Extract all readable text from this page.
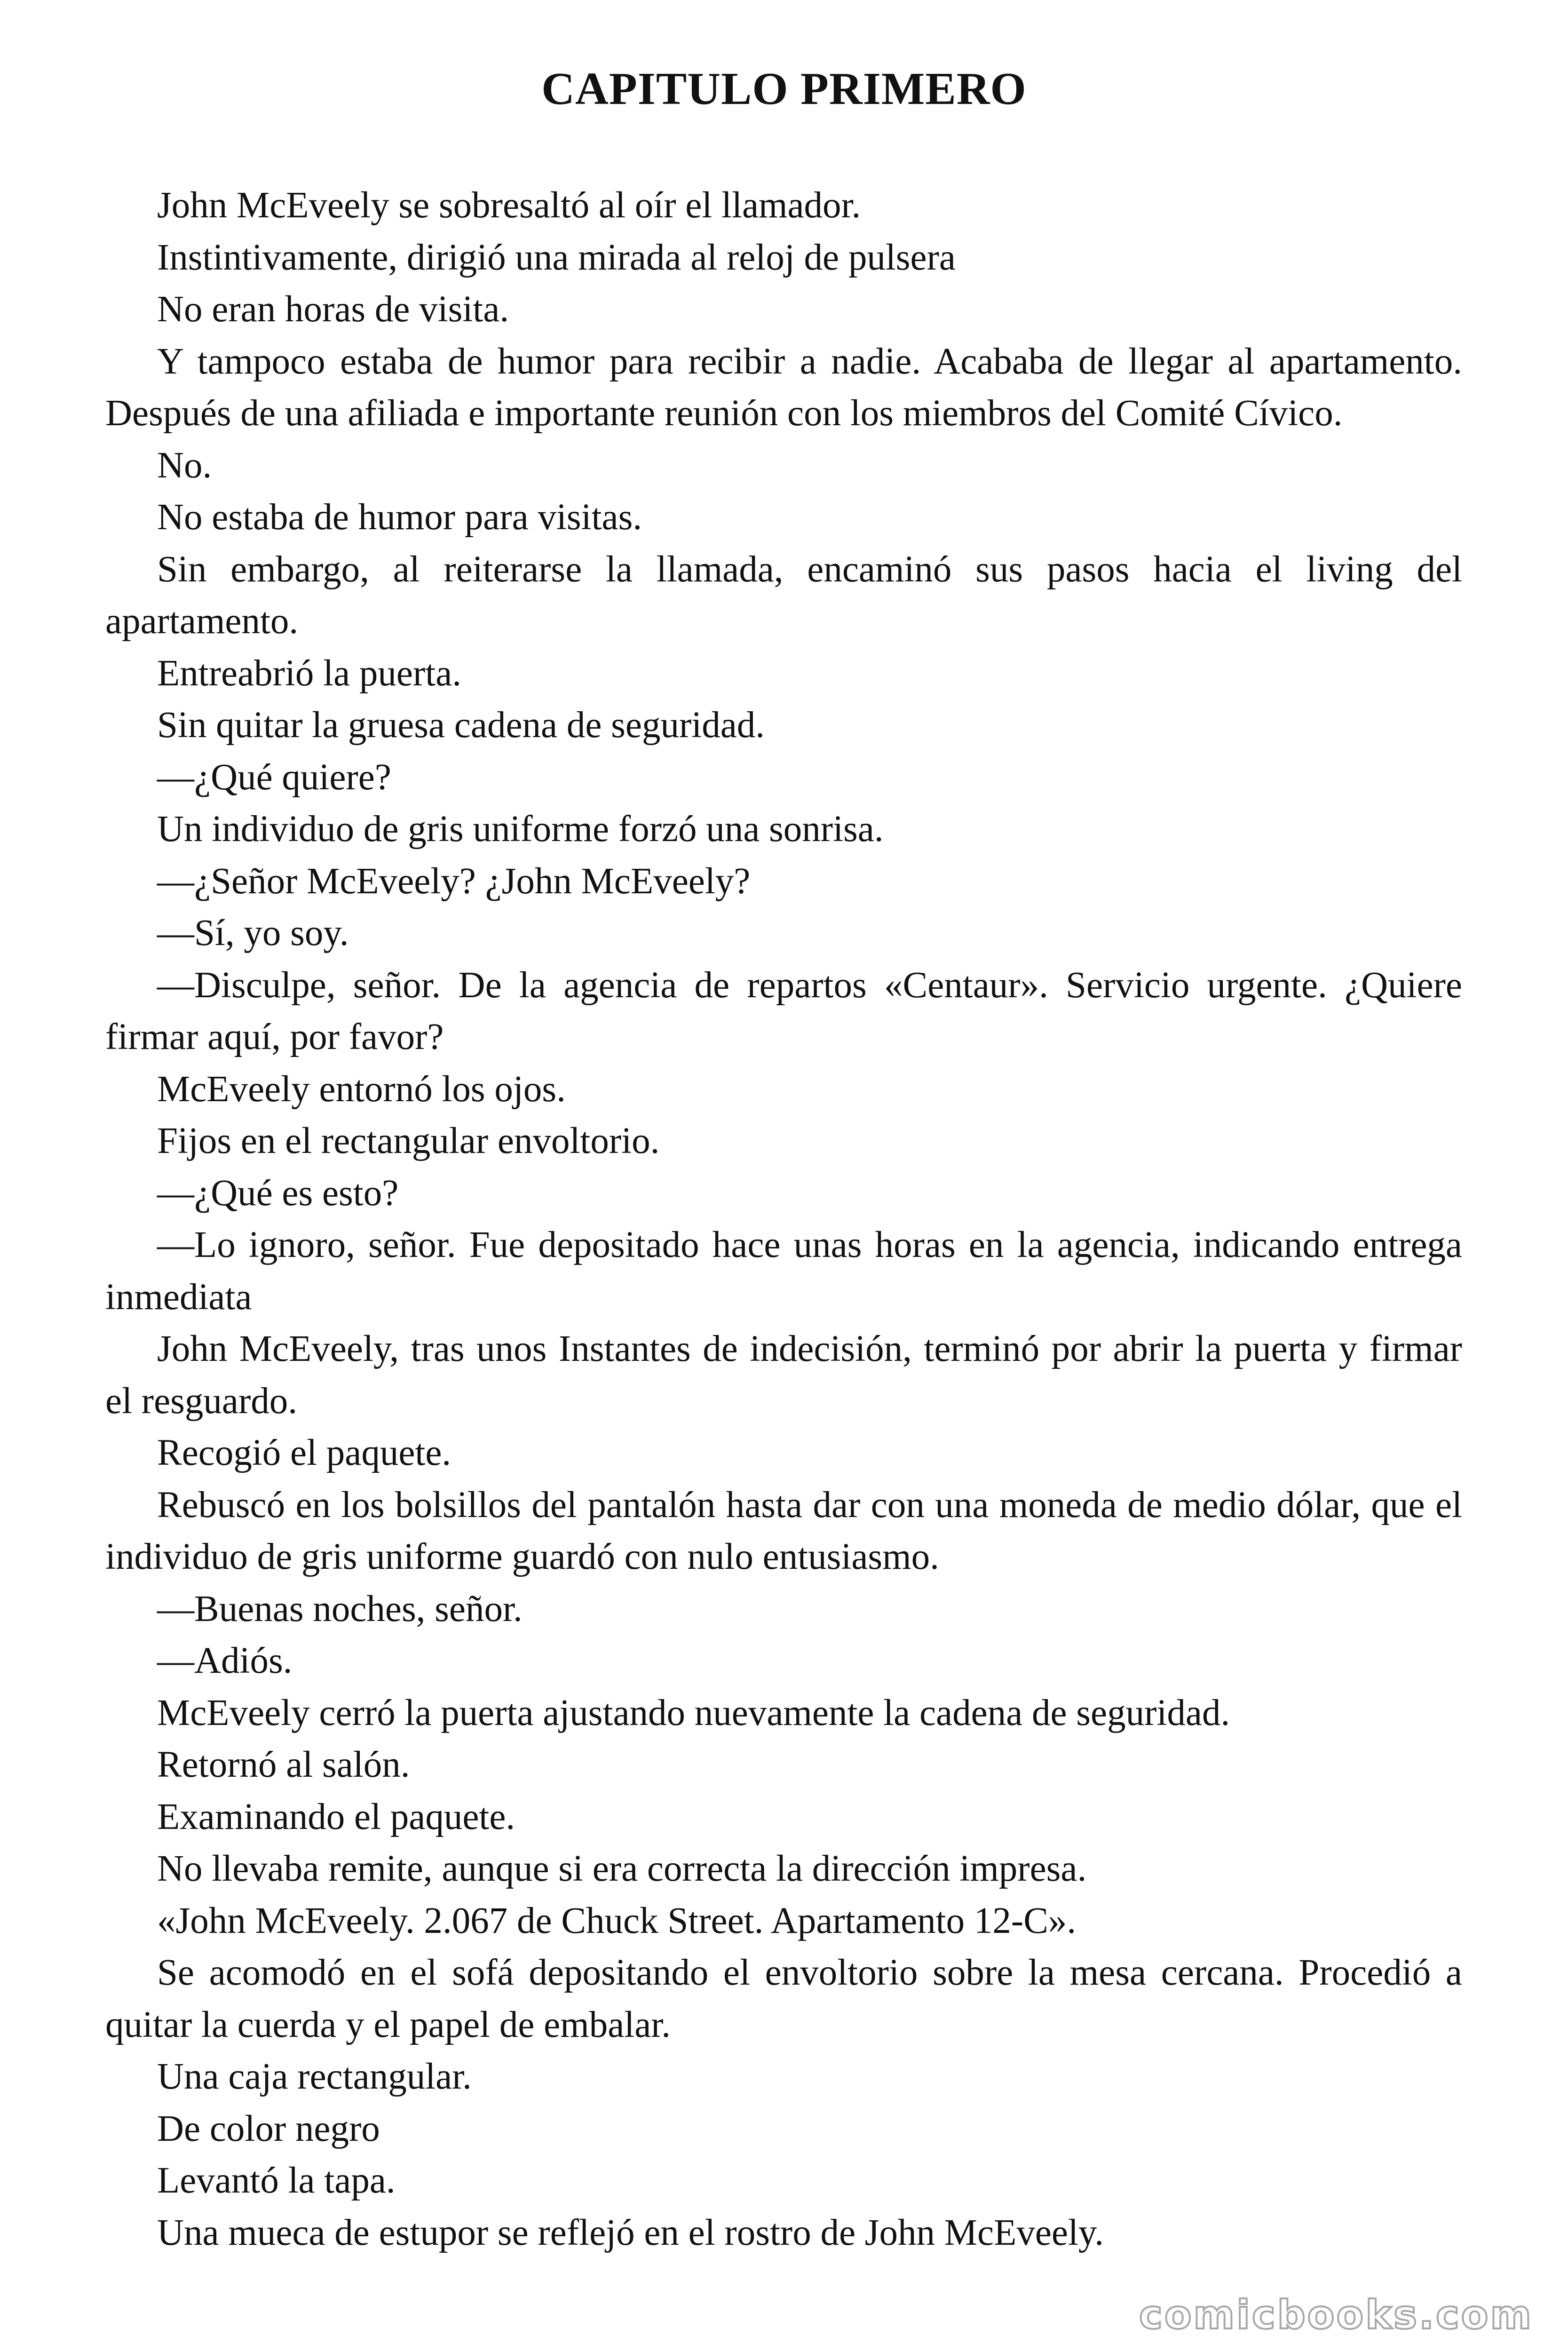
CAPITULO PRIMERO

John McEveely se sobresaltó al oír el llamador.

Instintivamente, dirigió una mirada al reloj de pulsera

No eran horas de visita.

Y tampoco estaba de humor para recibir a nadie. Acababa de llegar al apartamento. Después de una afiliada e importante reunión con los miembros del Comité Cívico.

No.

No estaba de humor para visitas.

Sin embargo, al reiterarse la llamada, encaminó sus pasos hacia el living del apartamento.

Entreabrió la puerta.

Sin quitar la gruesa cadena de seguridad.

—¿Qué quiere?

Un individuo de gris uniforme forzó una sonrisa.

—¿Señor McEveely? ¿John McEveely?

—Sí, yo soy.

—Disculpe, señor. De la agencia de repartos «Centaur». Servicio urgente. ¿Quiere firmar aquí, por favor?

McEveely entornó los ojos.

Fijos en el rectangular envoltorio.

—¿Qué es esto?

—Lo ignoro, señor. Fue depositado hace unas horas en la agencia, indicando entrega inmediata

John McEveely, tras unos Instantes de indecisión, terminó por abrir la puerta y firmar el resguardo.

Recogió el paquete.

Rebuscó en los bolsillos del pantalón hasta dar con una moneda de medio dólar, que el individuo de gris uniforme guardó con nulo entusiasmo.

—Buenas noches, señor.

—Adiós.

McEveely cerró la puerta ajustando nuevamente la cadena de seguridad.

Retornó al salón.

Examinando el paquete.

No llevaba remite, aunque si era correcta la dirección impresa.

«John McEveely. 2.067 de Chuck Street. Apartamento 12-C».

Se acomodó en el sofá depositando el envoltorio sobre la mesa cercana. Procedió a quitar la cuerda y el papel de embalar.

Una caja rectangular.

De color negro

Levantó la tapa.

Una mueca de estupor se reflejó en el rostro de John McEveely.

comicbooks.com
